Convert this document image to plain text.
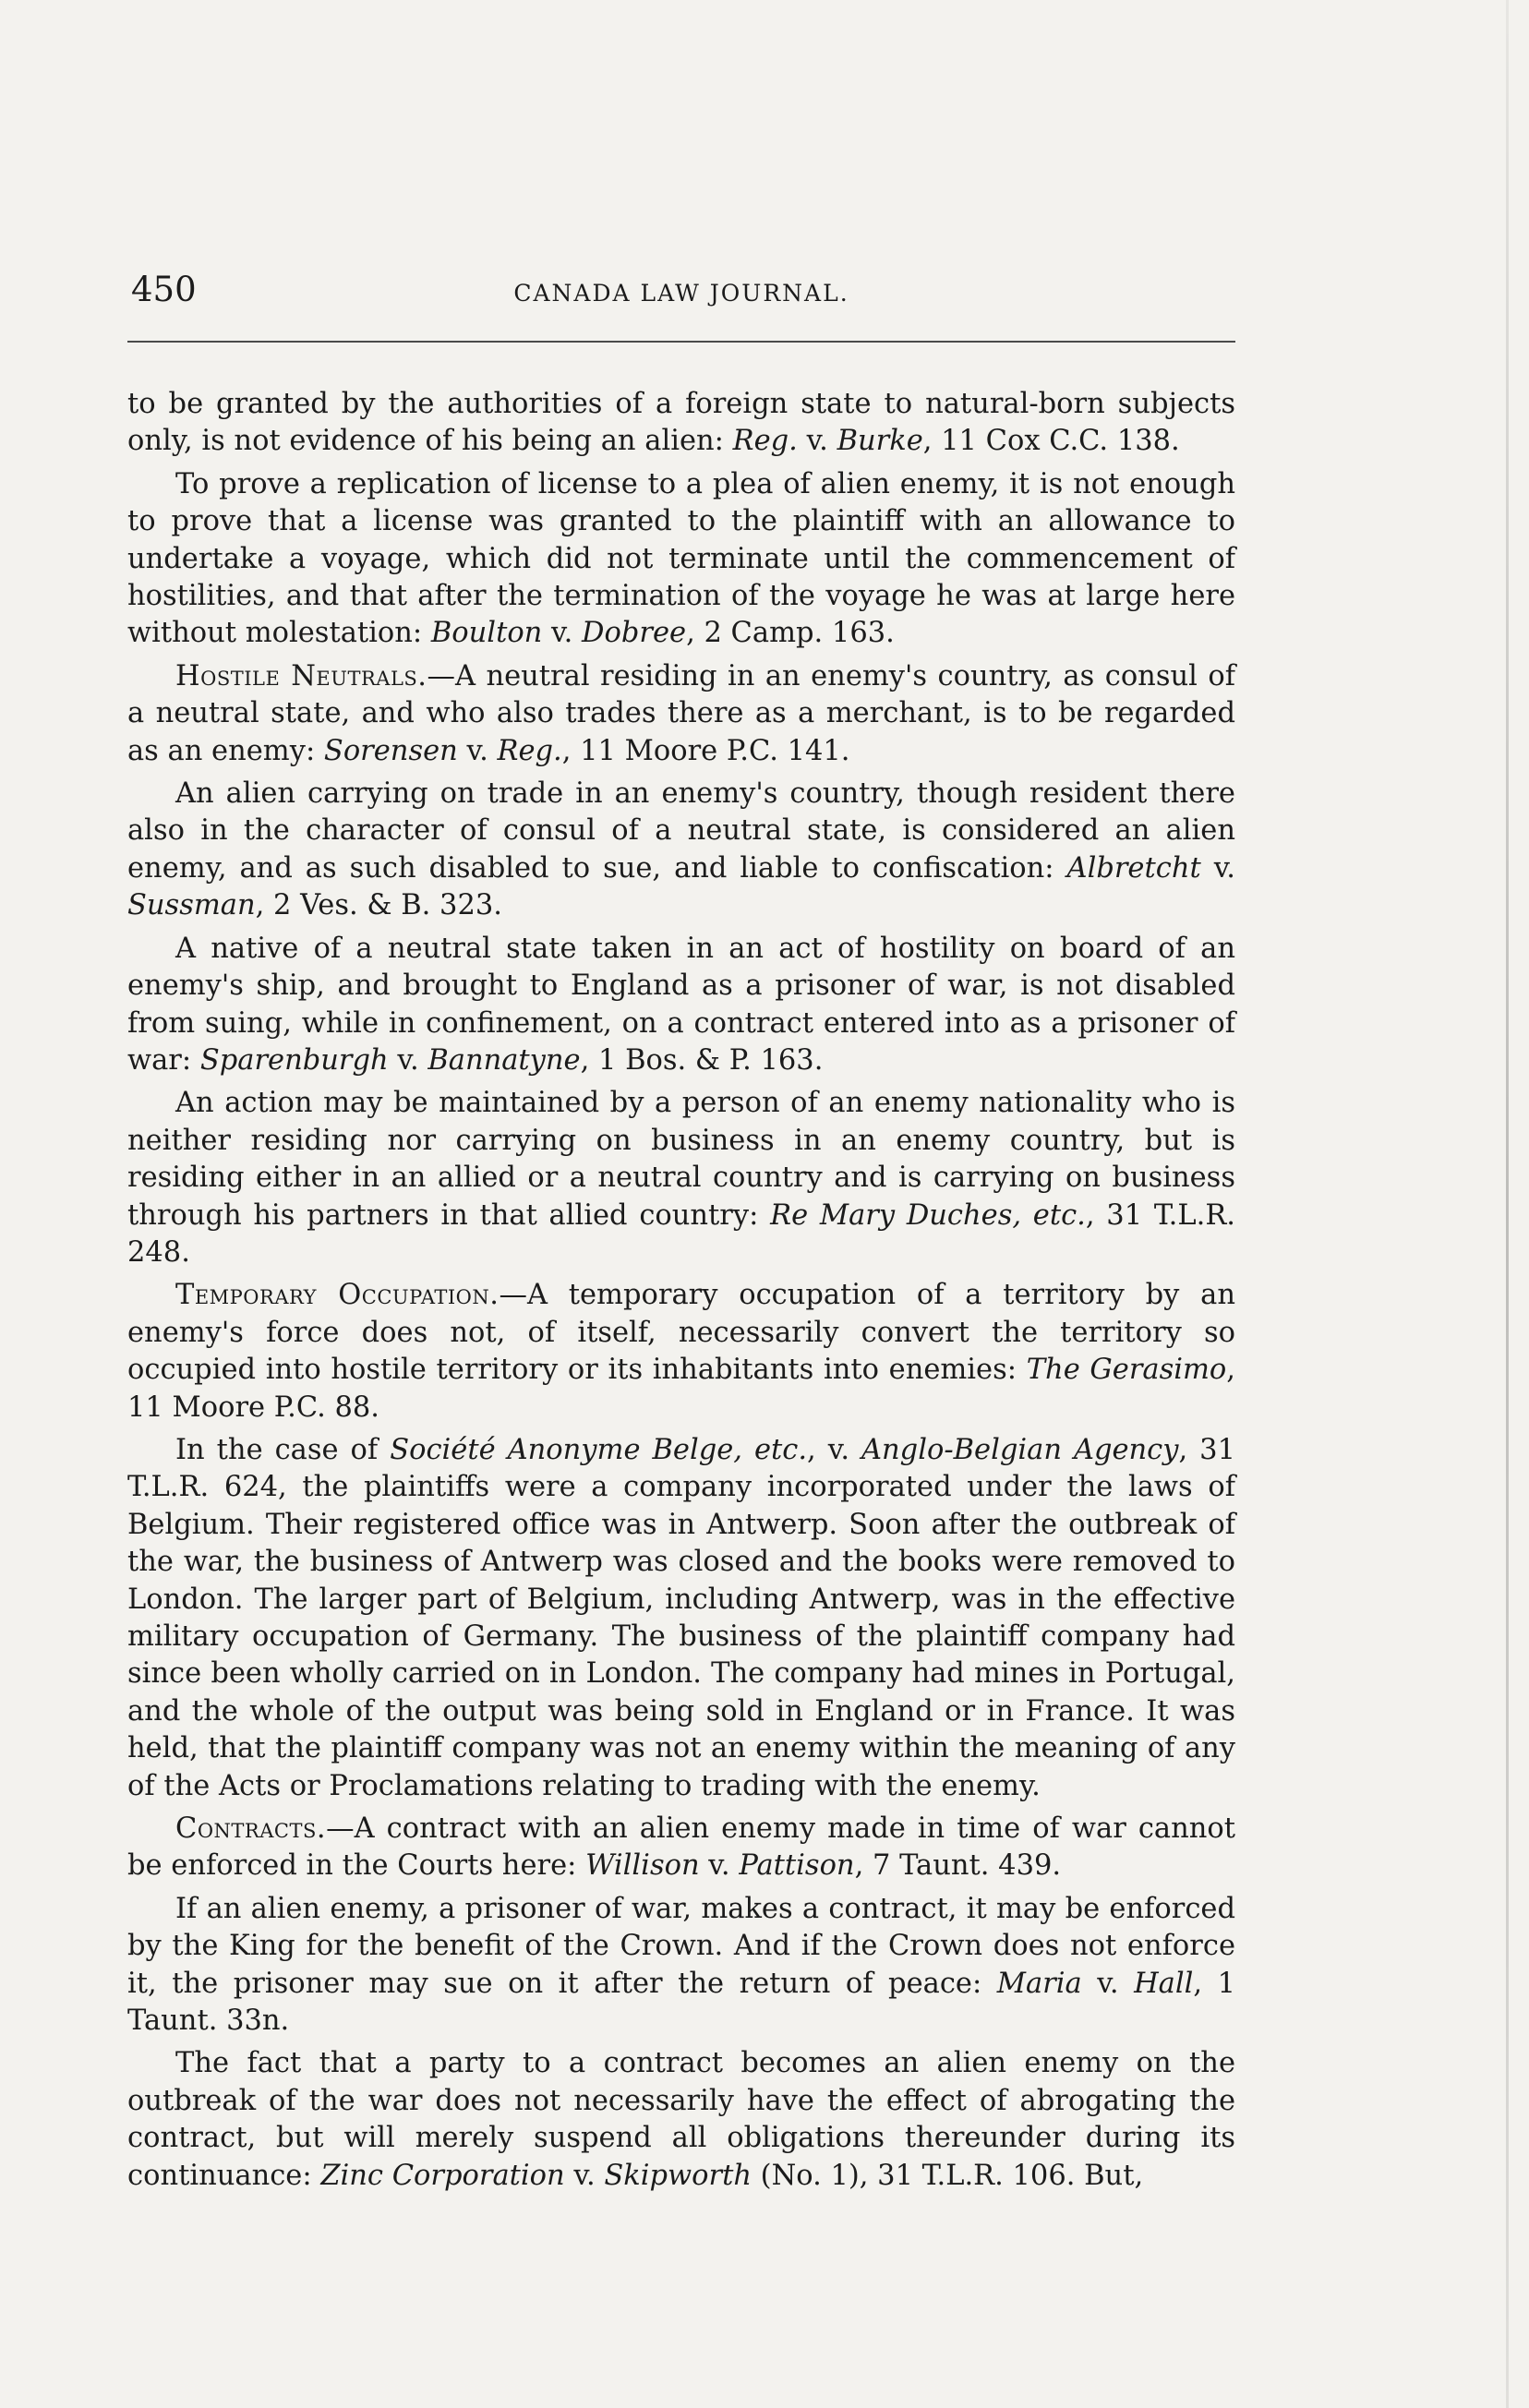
450	CANADA LAW JOURNAL.

to be granted by the authorities of a foreign state to natural-born subjects only, is not evidence of his being an alien: Reg. v. Burke, 11 Cox C.C. 138.

To prove a replication of license to a plea of alien enemy, it is not enough to prove that a license was granted to the plaintiff with an allowance to undertake a voyage, which did not terminate until the commencement of hostilities, and that after the termination of the voyage he was at large here without molestation: Boulton v. Dobree, 2 Camp. 163.

Hostile Neutrals.—A neutral residing in an enemy's country, as consul of a neutral state, and who also trades there as a merchant, is to be regarded as an enemy: Sorensen v. Reg., 11 Moore P.C. 141.

An alien carrying on trade in an enemy's country, though resident there also in the character of consul of a neutral state, is considered an alien enemy, and as such disabled to sue, and liable to confiscation: Albretcht v. Sussman, 2 Ves. & B. 323.

A native of a neutral state taken in an act of hostility on board of an enemy's ship, and brought to England as a prisoner of war, is not disabled from suing, while in confinement, on a contract entered into as a prisoner of war: Sparenburgh v. Bannatyne, 1 Bos. & P. 163.

An action may be maintained by a person of an enemy nationality who is neither residing nor carrying on business in an enemy country, but is residing either in an allied or a neutral country and is carrying on business through his partners in that allied country: Re Mary Duches, etc., 31 T.L.R. 248.

Temporary Occupation.—A temporary occupation of a territory by an enemy's force does not, of itself, necessarily convert the territory so occupied into hostile territory or its inhabitants into enemies: The Gerasimo, 11 Moore P.C. 88.

In the case of Société Anonyme Belge, etc., v. Anglo-Belgian Agency, 31 T.L.R. 624, the plaintiffs were a company incorporated under the laws of Belgium. Their registered office was in Antwerp. Soon after the outbreak of the war, the business of Antwerp was closed and the books were removed to London. The larger part of Belgium, including Antwerp, was in the effective military occupation of Germany. The business of the plaintiff company had since been wholly carried on in London. The company had mines in Portugal, and the whole of the output was being sold in England or in France. It was held, that the plaintiff company was not an enemy within the meaning of any of the Acts or Proclamations relating to trading with the enemy.

Contracts.—A contract with an alien enemy made in time of war cannot be enforced in the Courts here: Willison v. Pattison, 7 Taunt. 439.

If an alien enemy, a prisoner of war, makes a contract, it may be enforced by the King for the benefit of the Crown. And if the Crown does not enforce it, the prisoner may sue on it after the return of peace: Maria v. Hall, 1 Taunt. 33n.

The fact that a party to a contract becomes an alien enemy on the outbreak of the war does not necessarily have the effect of abrogating the contract, but will merely suspend all obligations thereunder during its continuance: Zinc Corporation v. Skipworth (No. 1), 31 T.L.R. 106. But,
